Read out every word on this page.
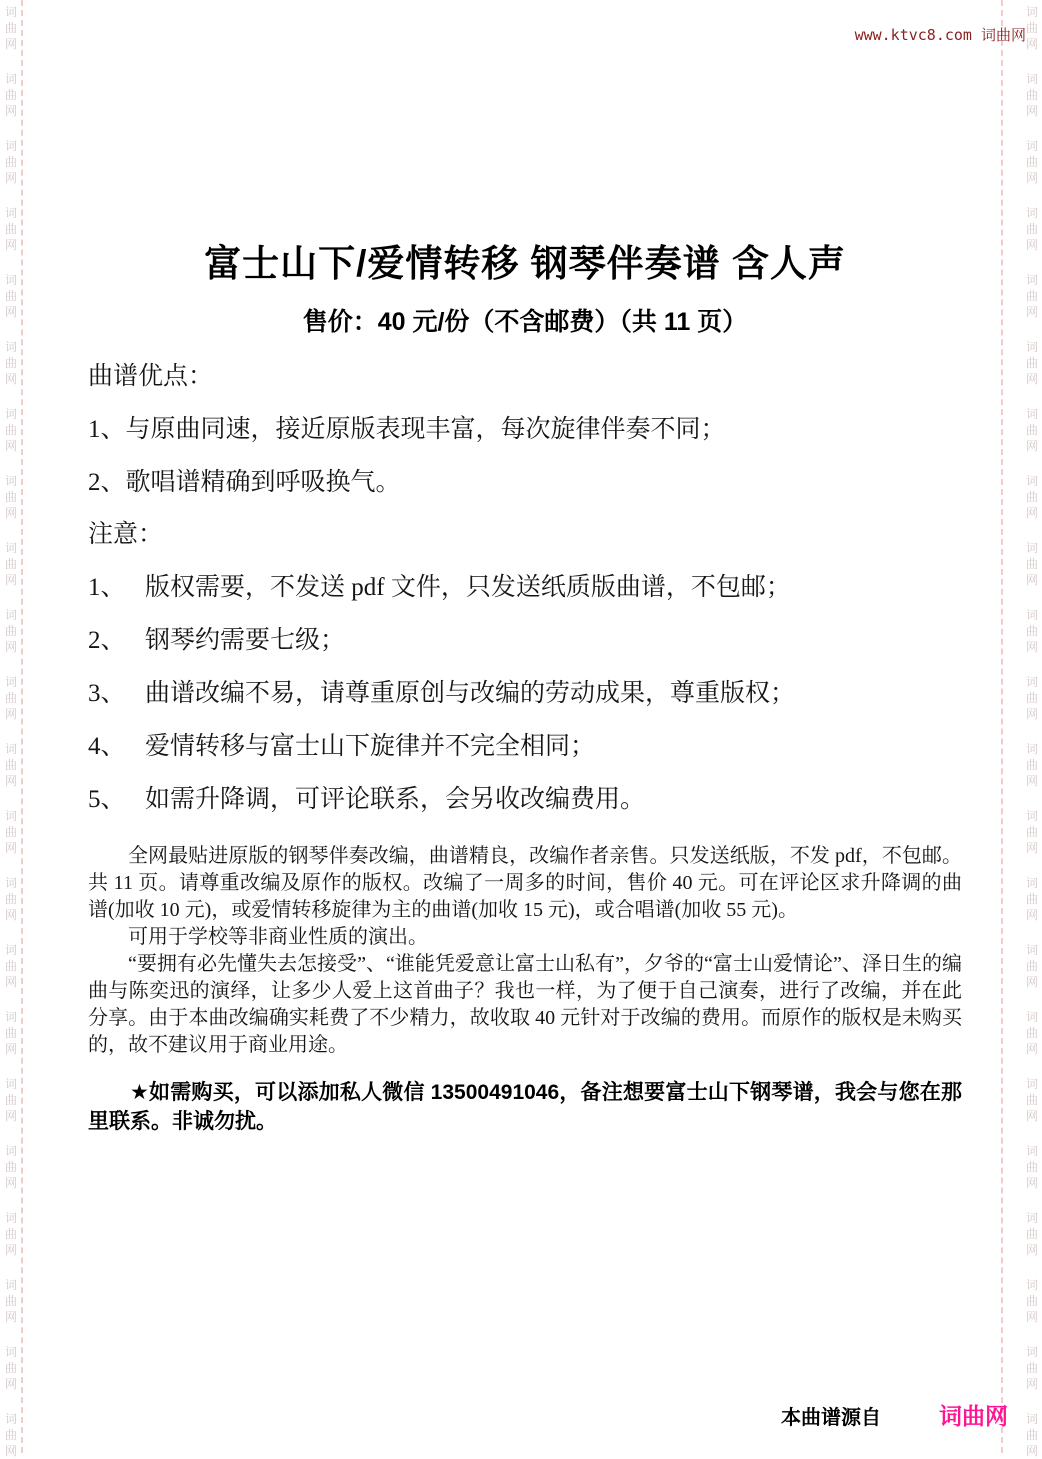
词
曲
网
词
曲
网
词
曲
网
词
曲
网
词
曲
网
词
曲
网
词
曲
网
词
曲
网
词
曲
网
词
曲
网
词
曲
网
词
曲
网
词
曲
网
词
曲
网
词
曲
网
词
曲
网
词
曲
网
词
曲
网
词
曲
网
词
曲
网
词
曲
网
词
曲
网
词
曲
网
词
曲
网
词
曲
网
词
曲
网
词
曲
网
词
曲
网
词
曲
网
词
曲
网
词
曲
网
词
曲
网
词
曲
网
词
曲
网
词
曲
网
词
曲
网
词
曲
网
词
曲
网
词
曲
网
词
曲
网
词
曲
网
词
曲
网
词
曲
网
词
曲
网
www.ktvc8.com 词曲网
富士山下/爱情转移 钢琴伴奏谱 含人声
售价：40 元/份（不含邮费）（共 11 页）
曲谱优点：
1、与原曲同速，接近原版表现丰富，每次旋律伴奏不同；
2、歌唱谱精确到呼吸换气。
注意：
1、 版权需要，不发送 pdf 文件，只发送纸质版曲谱，不包邮；
2、 钢琴约需要七级；
3、 曲谱改编不易，请尊重原创与改编的劳动成果，尊重版权；
4、 爱情转移与富士山下旋律并不完全相同；
5、 如需升降调，可评论联系，会另收改编费用。

全网最贴进原版的钢琴伴奏改编，曲谱精良，改编作者亲售。只发送纸版，不发 pdf，不包邮。共 11 页。请尊重改编及原作的版权。改编了一周多的时间，售价 40 元。可在评论区求升降调的曲谱(加收 10 元)，或爱情转移旋律为主的曲谱(加收 15 元)，或合唱谱(加收 55 元)。

可用于学校等非商业性质的演出。

“要拥有必先懂失去怎接受”、“谁能凭爱意让富士山私有”，夕爷的“富士山爱情论”、泽日生的编曲与陈奕迅的演绎，让多少人爱上这首曲子？我也一样，为了便于自己演奏，进行了改编，并在此分享。由于本曲改编确实耗费了不少精力，故收取 40 元针对于改编的费用。而原作的版权是未购买的，故不建议用于商业用途。

★如需购买，可以添加私人微信 13500491046，备注想要富士山下钢琴谱，我会与您在那里联系。非诚勿扰。
本曲谱源自	词曲网
